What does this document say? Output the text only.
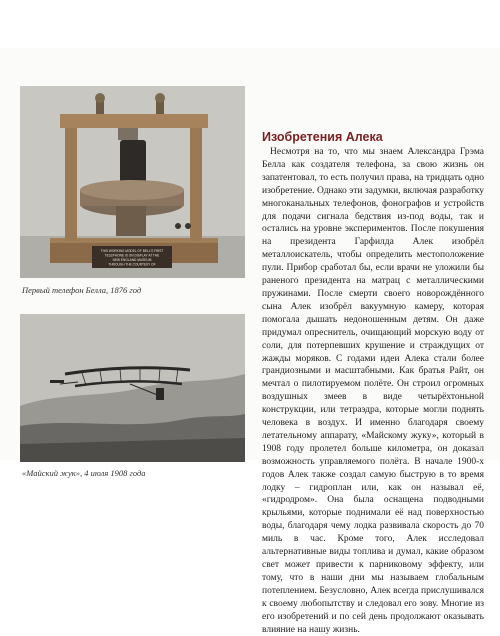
THIS WORKING MODEL OF BELL'S FIRST
TELEPHONE IS ON DISPLAY AT THE
NEW ENGLAND MUSEUM
THROUGH THE COURTESY OF
Первый телефон Белла, 1876 год
«Майский жук», 4 июля 1908 года
Изобретения Алека

Несмотря на то, что мы знаем Александра Грэма Белла как создателя телефона, за свою жизнь он запатентовал, то есть получил права, на тридцать одно изобретение. Однако эти задумки, включая разработку многоканальных телефонов, фонографов и устройств для подачи сигнала бедствия из-под воды, так и остались на уровне экспериментов. После покушения на президента Гарфилда Алек изобрёл металлоискатель, чтобы определить местоположение пули. Прибор сработал бы, если врачи не уложили бы раненого президента на матрац с металлическими пружинами. После смерти своего новорождённого сына Алек изобрёл вакуумную камеру, которая помогала дышать недоношенным детям. Он даже придумал опреснитель, очищающий морскую воду от соли, для потерпевших крушение и страждущих от жажды моряков. С годами идеи Алека стали более грандиозными и масштабными. Как братья Райт, он мечтал о пилотируемом полёте. Он строил огромных воздушных змеев в виде четырёхтоньной конструкции, или тетраэдра, которые могли поднять человека в воздух. И именно благодаря своему летательному аппарату, «Майскому жуку», который в 1908 году пролетел больше километра, он доказал возможность управляемого полёта. В начале 1900-х годов Алек также создал самую быструю в то время лодку – гидроплан или, как он называл её, «гидродром». Она была оснащена подводными крыльями, которые поднимали её над поверхностью воды, благодаря чему лодка развивала скорость до 70 миль в час. Кроме того, Алек исследовал альтернативные виды топлива и думал, какие образом свет может привести к парниковому эффекту, или тому, что в наши дни мы называем глобальным потеплением. Безусловно, Алек всегда прислушивался к своему любопытству и следовал его зову. Многие из его изобретений и по сей день продолжают оказывать влияние на нашу жизнь.
